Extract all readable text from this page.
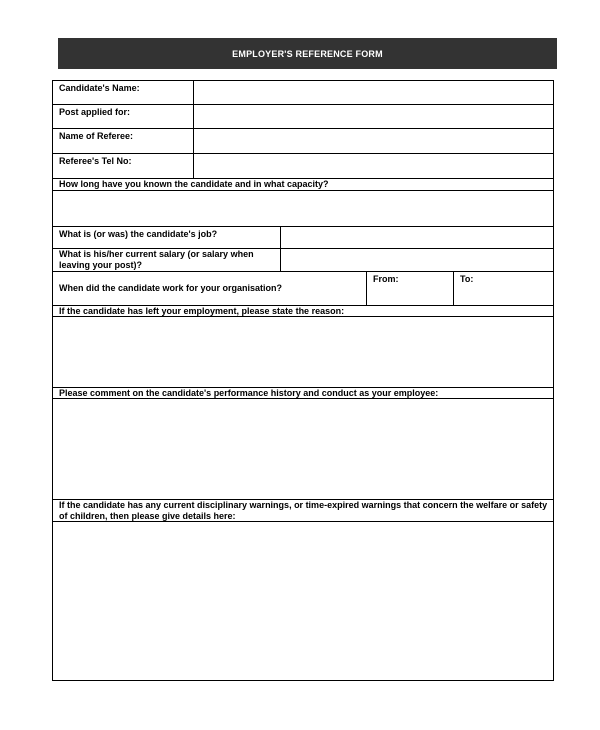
EMPLOYER'S REFERENCE FORM
Candidate's Name:
Post applied for:
Name of Referee:
Referee's Tel No:
How long have you known the candidate and in what capacity?
What is (or was) the candidate's job?
What is his/her current salary (or salary when leaving your post)?
When did the candidate work for your organisation?
From:	To:
If the candidate has left your employment, please state the reason:
Please comment on the candidate's performance history and conduct as your employee:
If the candidate has any current disciplinary warnings, or time-expired warnings that concern the welfare or safety of children, then please give details here:
